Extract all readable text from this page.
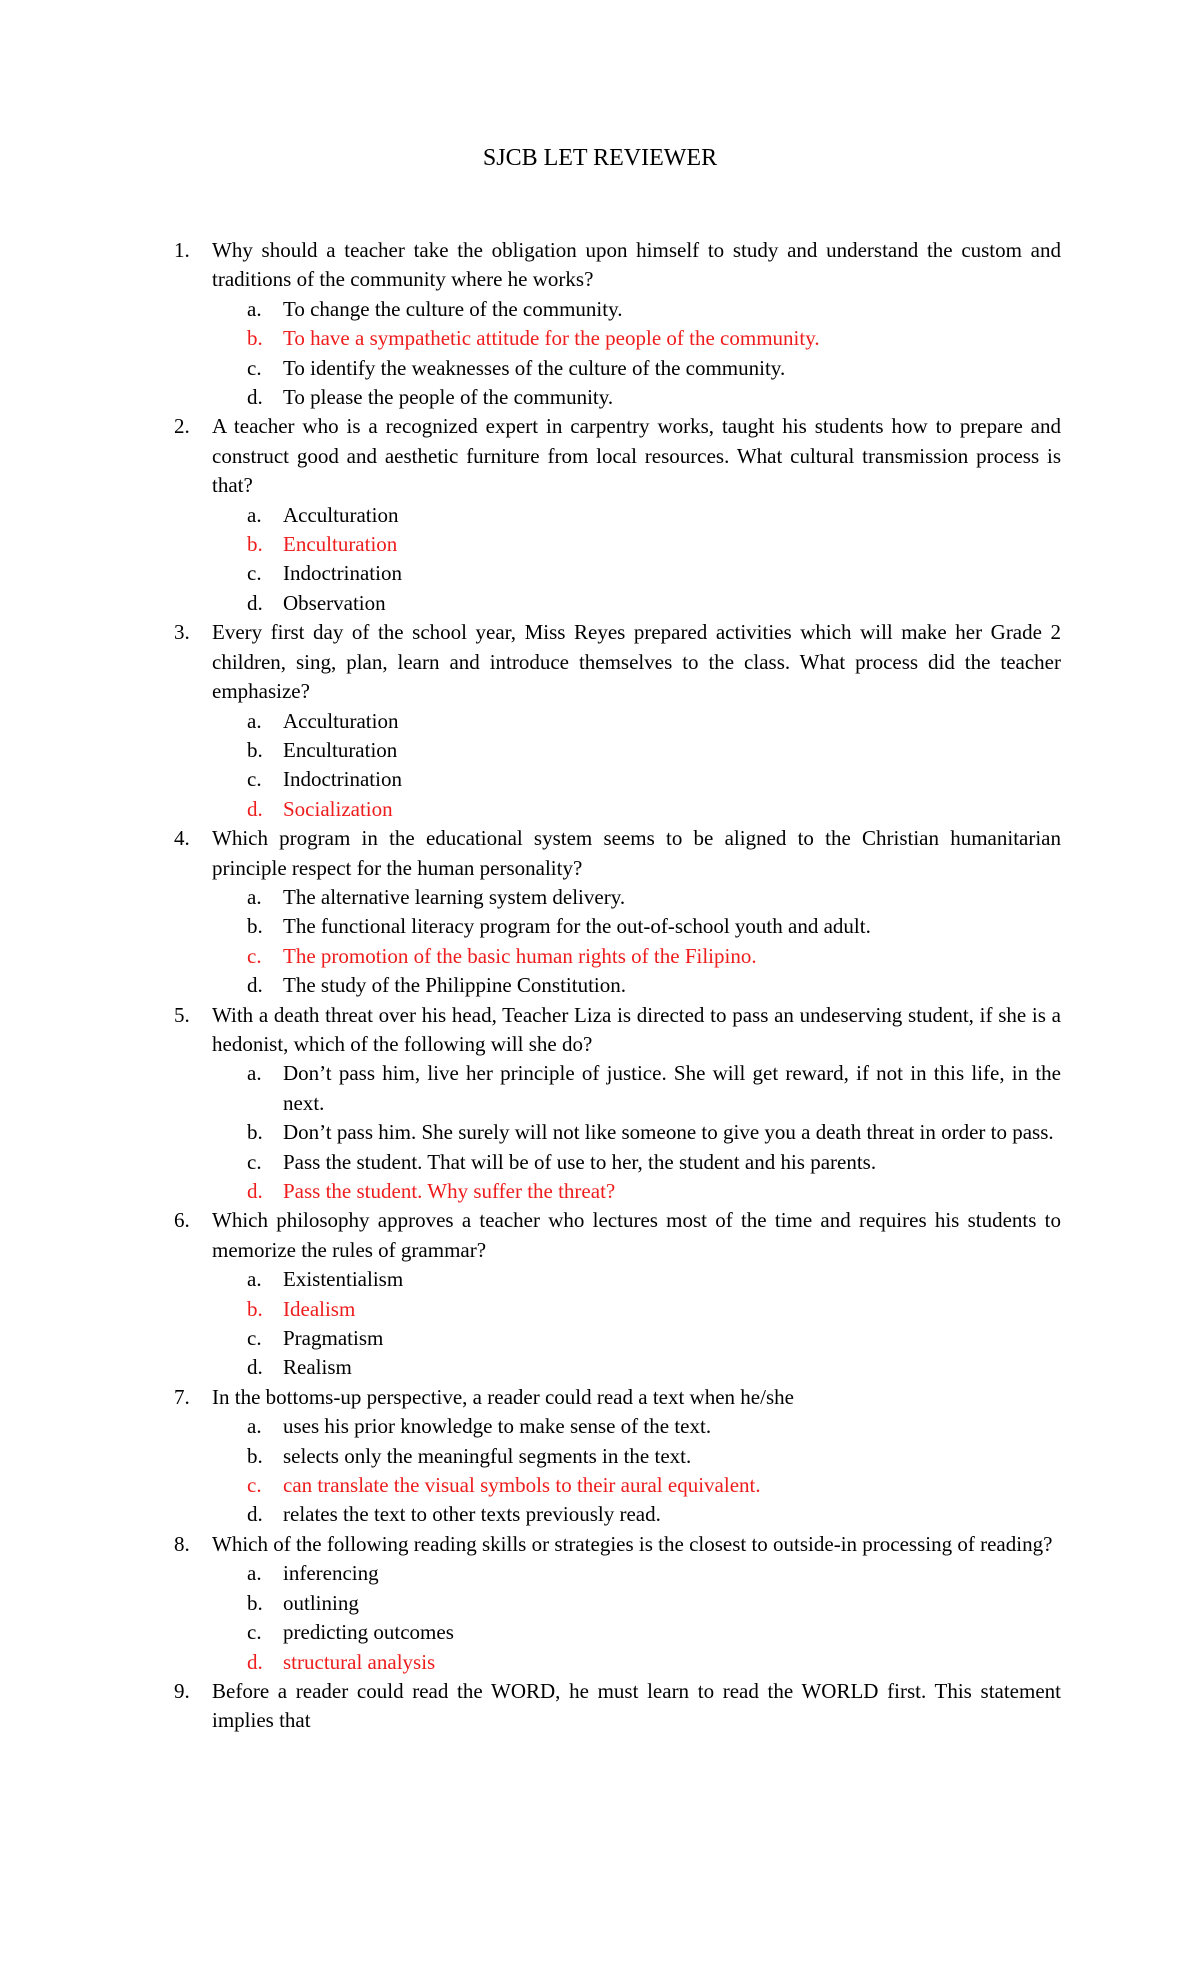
SJCB LET REVIEWER
1. Why should a teacher take the obligation upon himself to study and understand the custom and traditions of the community where he works?
a. To change the culture of the community.
b. To have a sympathetic attitude for the people of the community.
c. To identify the weaknesses of the culture of the community.
d. To please the people of the community.
2. A teacher who is a recognized expert in carpentry works, taught his students how to prepare and construct good and aesthetic furniture from local resources. What cultural transmission process is that?
a. Acculturation
b. Enculturation
c. Indoctrination
d. Observation
3. Every first day of the school year, Miss Reyes prepared activities which will make her Grade 2 children, sing, plan, learn and introduce themselves to the class. What process did the teacher emphasize?
a. Acculturation
b. Enculturation
c. Indoctrination
d. Socialization
4. Which program in the educational system seems to be aligned to the Christian humanitarian principle respect for the human personality?
a. The alternative learning system delivery.
b. The functional literacy program for the out-of-school youth and adult.
c. The promotion of the basic human rights of the Filipino.
d. The study of the Philippine Constitution.
5. With a death threat over his head, Teacher Liza is directed to pass an undeserving student, if she is a hedonist, which of the following will she do?
a. Don’t pass him, live her principle of justice. She will get reward, if not in this life, in the next.
b. Don’t pass him. She surely will not like someone to give you a death threat in order to pass.
c. Pass the student. That will be of use to her, the student and his parents.
d. Pass the student. Why suffer the threat?
6. Which philosophy approves a teacher who lectures most of the time and requires his students to memorize the rules of grammar?
a. Existentialism
b. Idealism
c. Pragmatism
d. Realism
7. In the bottoms-up perspective, a reader could read a text when he/she
a. uses his prior knowledge to make sense of the text.
b. selects only the meaningful segments in the text.
c. can translate the visual symbols to their aural equivalent.
d. relates the text to other texts previously read.
8. Which of the following reading skills or strategies is the closest to outside-in processing of reading?
a. inferencing
b. outlining
c. predicting outcomes
d. structural analysis
9. Before a reader could read the WORD, he must learn to read the WORLD first. This statement implies that
